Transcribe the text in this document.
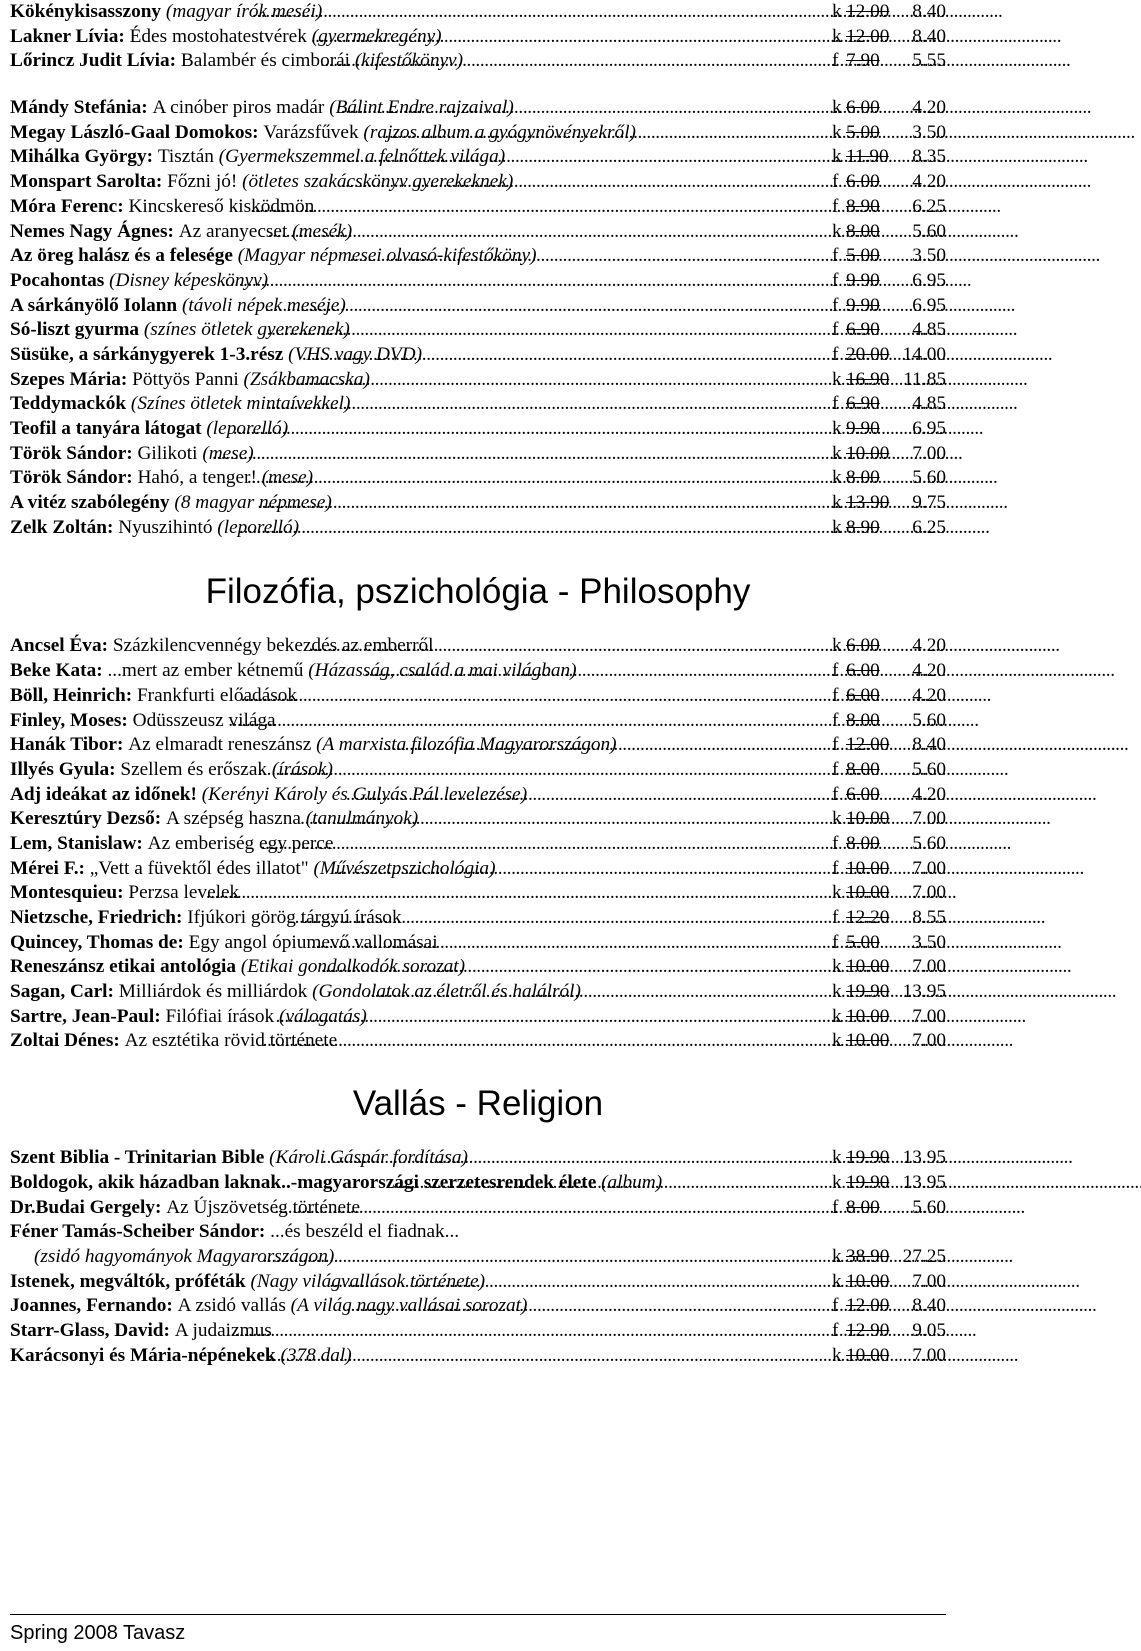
Kökénykisasszony (magyar írók meséi) . . .	k 12.00	8.40
Lakner Lívia: Édes mostohatestvérek (gyermekregény) . . .	k 12.00	8.40
Lőrincz Judit Lívia: Balambér és cimborái (kifestőkönyv) . . .	f 7.90	5.55
Mándy Stefánia: A cinóber piros madár (Bálint Endre rajzaival) . . .	k 6.00	4.20
Megay László-Gaal Domokos: Varázsfűvek (rajzos album a gyógynövényekről) . . .	k 5.00	3.50
Mihálka György: Tisztán (Gyermekszemmel a felnőttek világa) . . .	k 11.90	8.35
Monspart Sarolta: Főzni jó! (ötletes szakácskönyv gyerekeknek) . . .	f 6.00	4.20
Móra Ferenc: Kincskereső kisködmön . . .	f 8.90	6.25
Nemes Nagy Ágnes: Az aranyecset (mesék) . . .	k 8.00	5.60
Az öreg halász és a felesége (Magyar népmesei olvasó-kifestőköny) . . .	f 5.00	3.50
Pocahontas (Disney képeskönyv) . . .	f 9.90	6.95
A sárkányölő Iolann (távoli népek meséje) . . .	f 9.90	6.95
Só-liszt gyurma (színes ötletek gyerekenek) . . .	f 6.90	4.85
Süsüke, a sárkánygyerek 1-3.rész (VHS vagy DVD) . . .	f 20.00 14.00
Szepes Mária: Pöttyös Panni (Zsákbamacska) . . .	k 16.90 11.85
Teddymackók (Színes ötletek mintaívekkel) . . .	f 6.90	4.85
Teofil a tanyára látogat (leporelló) . . .	k 9.90	6.95
Török Sándor: Gilikoti (mese) . . .	k 10.00	7.00
Török Sándor: Hahó, a tenger! (mese) . . .	k 8.00	5.60
A vitéz szabólegény (8 magyar népmese) . . .	k 13.90	9.75
Zelk Zoltán: Nyuszihintó (leporelló) . . .	k 8.90	6.25
Filozófia, pszichológia - Philosophy
Ancsel Éva: Százkilencvennégy bekezdés az emberről . . .	k 6.00	4.20
Beke Kata: ...mert az ember kétnemű (Házasság, család a mai világban) . . .	f 6.00	4.20
Böll, Heinrich: Frankfurti előadások . . .	f 6.00	4.20
Finley, Moses: Odüsszeusz világa . . .	f 8.00	5.60
Hanák Tibor: Az elmaradt reneszánsz (A marxista filozófia Magyarországon) . . .	f 12.00	8.40
Illyés Gyula: Szellem és erőszak (írások) . . .	f 8.00	5.60
Adj ideákat az időnek! (Kerényi Károly és Gulyás Pál levelezése) . . .	f 6.00	4.20
Keresztúry Dezső: A szépség haszna (tanulmányok) . . .	k 10.00	7.00
Lem, Stanislaw: Az emberiség egy perce . . .	f 8.00	5.60
Mérei F.: „Vett a füvektől édes illatot" (Művészetpszichológia) . . .	f 10.00	7.00
Montesquieu: Perzsa levelek . . .	k 10.00	7.00
Nietzsche, Friedrich: Ifjúkori görög tárgyú írások . . .	f 12.20	8.55
Quincey, Thomas de: Egy angol ópiumevő vallomásai . . .	f 5.00	3.50
Reneszánsz etikai antológia (Etikai gondolkodók sorozat) . . .	k 10.00	7.00
Sagan, Carl: Milliárdok és milliárdok (Gondolatok az életről és halálról) . . .	k 19.90 13.95
Sartre, Jean-Paul: Filófiai írások (válogatás) . . .	k 10.00	7.00
Zoltai Dénes: Az esztétika rövid története . . .	k 10.00	7.00
Vallás - Religion
Szent Biblia - Trinitarian Bible (Károli Gáspár fordítása) . . .	k 19.90 13.95
Boldogok, akik házadban laknak..-magyarországi szerzetesrendek élete (album) . . .	k 19.90 13.95
Dr.Budai Gergely: Az Újszövetség története . . .	f 8.00	5.60
Féner Tamás-Scheiber Sándor: ...és beszéld el fiadnak...
(zsidó hagyományok Magyarországon) . . .	k 38.90 27.25
Istenek, megváltók, próféták (Nagy világvallások története) . . .	k 10.00	7.00
Joannes, Fernando: A zsidó vallás (A világ nagy vallásai sorozat) . . .	f 12.00	8.40
Starr-Glass, David: A judaizmus . . .	f 12.90	9.05
Karácsonyi és Mária-népénekek (378 dal) . . .	k 10.00	7.00
Spring 2008 Tavasz
